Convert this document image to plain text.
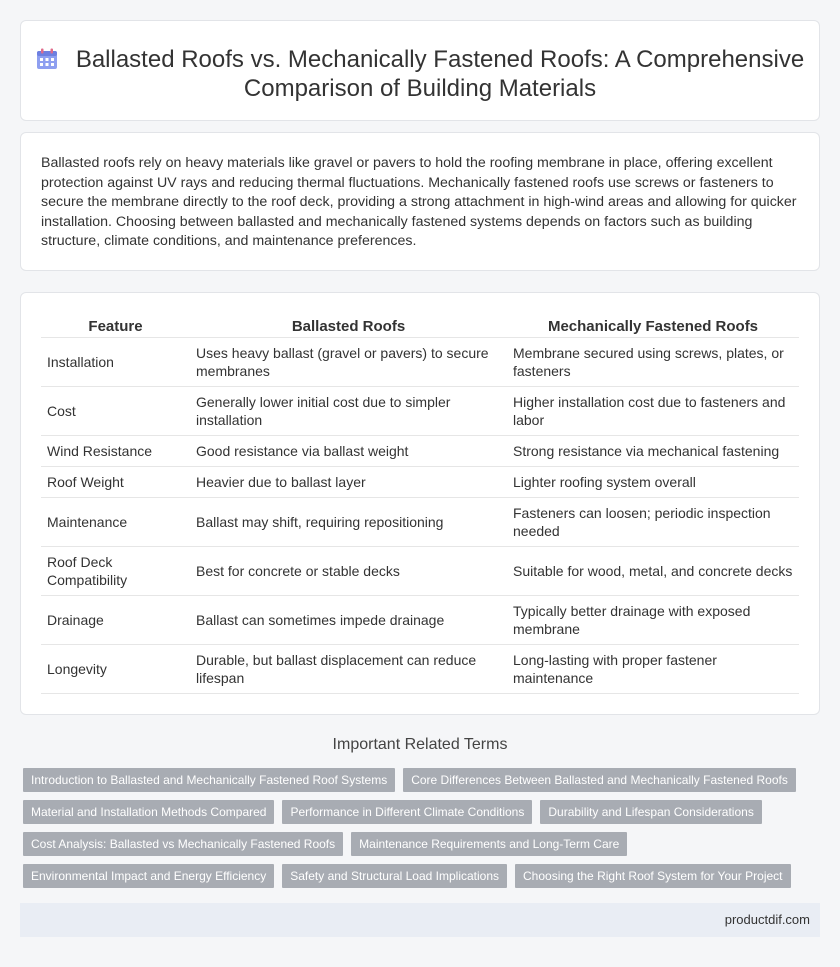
Ballasted Roofs vs. Mechanically Fastened Roofs: A Comprehensive Comparison of Building Materials

Ballasted roofs rely on heavy materials like gravel or pavers to hold the roofing membrane in place, offering excellent protection against UV rays and reducing thermal fluctuations. Mechanically fastened roofs use screws or fasteners to secure the membrane directly to the roof deck, providing a strong attachment in high-wind areas and allowing for quicker installation. Choosing between ballasted and mechanically fastened systems depends on factors such as building structure, climate conditions, and maintenance preferences.

Feature	Ballasted Roofs	Mechanically Fastened Roofs
Installation	Uses heavy ballast (gravel or pavers) to secure membranes	Membrane secured using screws, plates, or fasteners
Cost	Generally lower initial cost due to simpler installation	Higher installation cost due to fasteners and labor
Wind Resistance	Good resistance via ballast weight	Strong resistance via mechanical fastening
Roof Weight	Heavier due to ballast layer	Lighter roofing system overall
Maintenance	Ballast may shift, requiring repositioning	Fasteners can loosen; periodic inspection needed
Roof Deck Compatibility	Best for concrete or stable decks	Suitable for wood, metal, and concrete decks
Drainage	Ballast can sometimes impede drainage	Typically better drainage with exposed membrane
Longevity	Durable, but ballast displacement can reduce lifespan	Long-lasting with proper fastener maintenance
Important Related Terms
Introduction to Ballasted and Mechanically Fastened Roof Systems	Core Differences Between Ballasted and Mechanically Fastened Roofs
Material and Installation Methods Compared	Performance in Different Climate Conditions	Durability and Lifespan Considerations
Cost Analysis: Ballasted vs Mechanically Fastened Roofs	Maintenance Requirements and Long-Term Care
Environmental Impact and Energy Efficiency	Safety and Structural Load Implications	Choosing the Right Roof System for Your Project
productdif.com
